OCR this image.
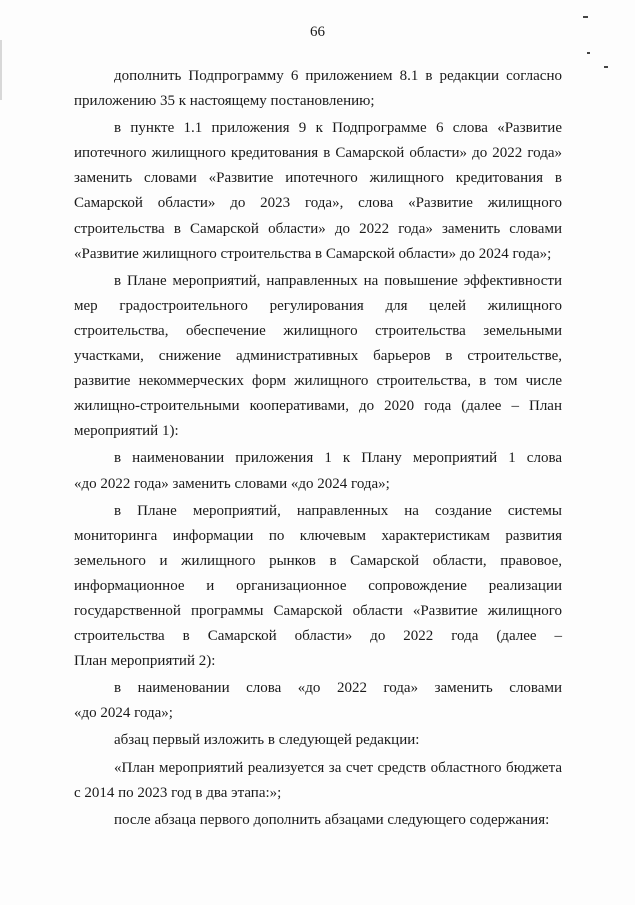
66
дополнить Подпрограмму 6 приложением 8.1 в редакции согласно
приложению 35 к настоящему постановлению;
в пункте 1.1 приложения 9 к Подпрограмме 6 слова «Развитие
ипотечного жилищного кредитования в Самарской области» до 2022 года»
заменить словами «Развитие ипотечного жилищного кредитования в
Самарской области» до 2023 года», слова «Развитие жилищного
строительства в Самарской области» до 2022 года» заменить словами
«Развитие жилищного строительства в Самарской области» до 2024 года»;
в Плане мероприятий, направленных на повышение эффективности
мер градостроительного регулирования для целей жилищного
строительства, обеспечение жилищного строительства земельными
участками, снижение административных барьеров в строительстве,
развитие некоммерческих форм жилищного строительства, в том числе
жилищно-строительными кооперативами, до 2020 года (далее – План
мероприятий 1):
в наименовании приложения 1 к Плану мероприятий 1 слова
«до 2022 года» заменить словами «до 2024 года»;
в Плане мероприятий, направленных на создание системы
мониторинга информации по ключевым характеристикам развития
земельного и жилищного рынков в Самарской области, правовое,
информационное и организационное сопровождение реализации
государственной программы Самарской области «Развитие жилищного
строительства в Самарской области» до 2022 года (далее –
План мероприятий 2):
в наименовании слова «до 2022 года» заменить словами
«до 2024 года»;
абзац первый изложить в следующей редакции:
«План мероприятий реализуется за счет средств областного бюджета
с 2014 по 2023 год в два этапа:»;
после абзаца первого дополнить абзацами следующего содержания:
